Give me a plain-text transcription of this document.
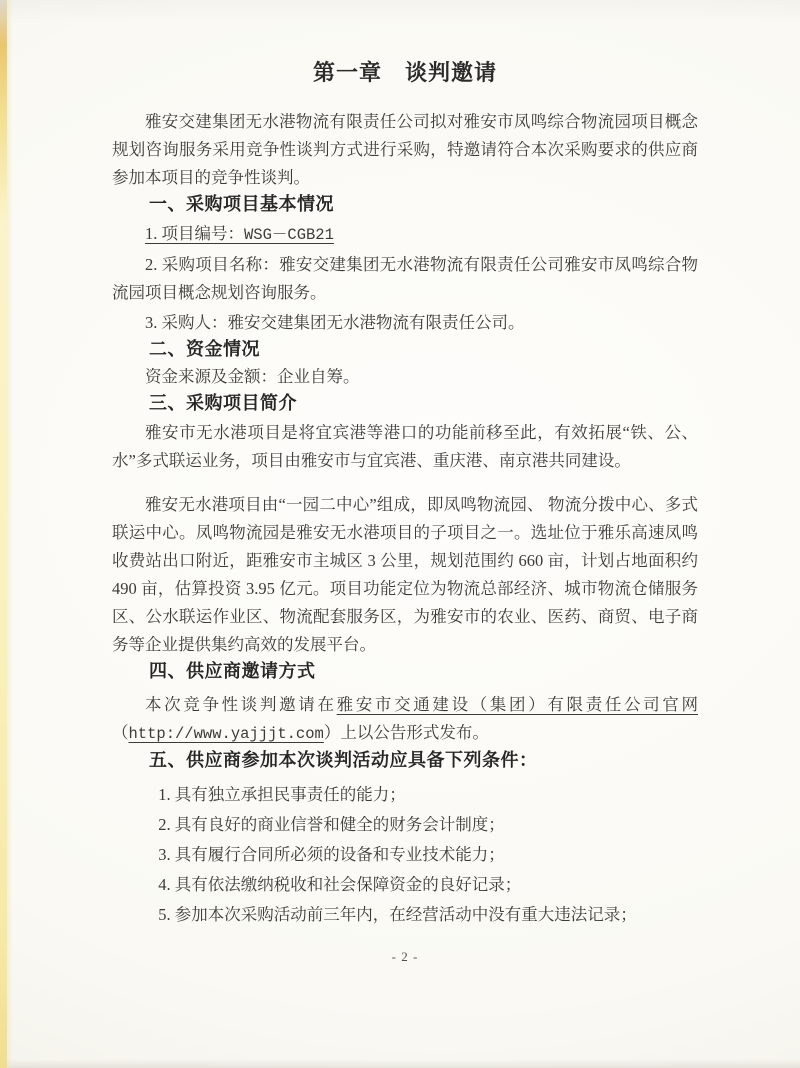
第一章　谈判邀请

雅安交建集团无水港物流有限责任公司拟对雅安市凤鸣综合物流园项目概念规划咨询服务采用竞争性谈判方式进行采购，特邀请符合本次采购要求的供应商参加本项目的竞争性谈判。

一、采购项目基本情况

1. 项目编号：WSG－CGB21

2. 采购项目名称：雅安交建集团无水港物流有限责任公司雅安市凤鸣综合物流园项目概念规划咨询服务。

3. 采购人：雅安交建集团无水港物流有限责任公司。

二、资金情况

资金来源及金额：企业自筹。

三、采购项目简介

雅安市无水港项目是将宜宾港等港口的功能前移至此，有效拓展“铁、公、水”多式联运业务，项目由雅安市与宜宾港、重庆港、南京港共同建设。

雅安无水港项目由“一园二中心”组成，即凤鸣物流园、 物流分拨中心、多式联运中心。凤鸣物流园是雅安无水港项目的子项目之一。选址位于雅乐高速凤鸣收费站出口附近，距雅安市主城区 3 公里，规划范围约 660 亩，计划占地面积约 490 亩，估算投资 3.95 亿元。项目功能定位为物流总部经济、城市物流仓储服务区、公水联运作业区、物流配套服务区，为雅安市的农业、医药、商贸、电子商务等企业提供集约高效的发展平台。

四、供应商邀请方式

本次竞争性谈判邀请在雅安市交通建设（集团）有限责任公司官网（http://www.yajjjt.com）上以公告形式发布。

五、供应商参加本次谈判活动应具备下列条件：

1. 具有独立承担民事责任的能力；

2. 具有良好的商业信誉和健全的财务会计制度；

3. 具有履行合同所必须的设备和专业技术能力；

4. 具有依法缴纳税收和社会保障资金的良好记录；

5. 参加本次采购活动前三年内，在经营活动中没有重大违法记录；

- 2 -
